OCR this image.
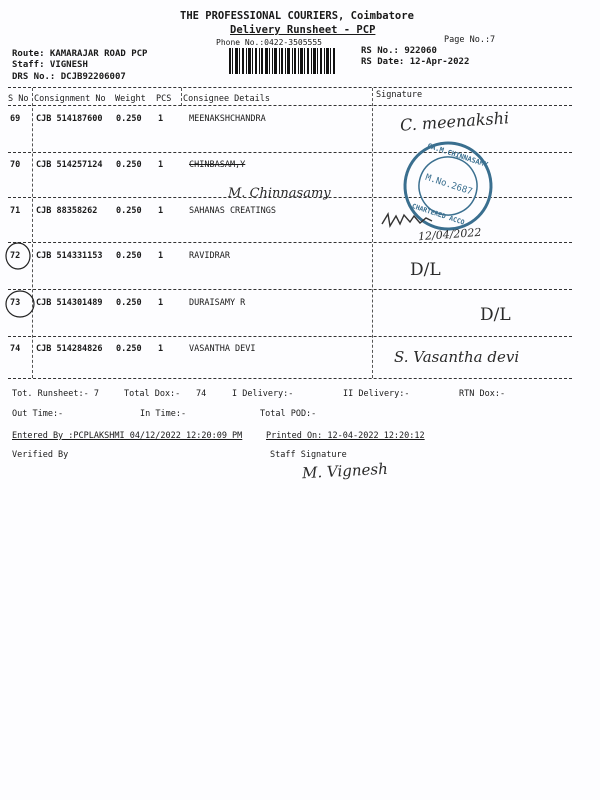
THE PROFESSIONAL COURIERS, Coimbatore
Delivery Runsheet - PCP
Phone No.:0422-3505555	Page No.:7
Route: KAMARAJAR ROAD PCP
Staff: VIGNESH
DRS No.: DCJB92206007
RS No.: 922060
RS Date: 12-Apr-2022
S No Consignment No Weight PCS Consignee Details	Signature
69 CJB 514187600 0.250 1	MEENAKSHCHANDRA	C. meenakshi
70 CJB 514257124 0.250 1	CHINBASAM,Y
M. Chinnasamy
CA.M.CHINNASAMY
M.No.2687
CHARTERED ACCO
71 CJB 88358262 0.250 1	SAHANAS CREATINGS
12/04/2022
72 CJB 514331153 0.250 1	RAVIDRAR
D/L
73 CJB 514301489 0.250 1	DURAISAMY R
D/L
74 CJB 514284826 0.250 1	VASANTHA DEVI	S. Vasantha devi
Tot. Runsheet:- 7	Total Dox:- 74	I Delivery:-	II Delivery:-	RTN Dox:-
Out Time:-	In Time:-	Total POD:-
Entered By :PCPLAKSHMI 04/12/2022 12:20:09 PM	Printed On: 12-04-2022 12:20:12
Verified By	Staff Signature
M. Vignesh
